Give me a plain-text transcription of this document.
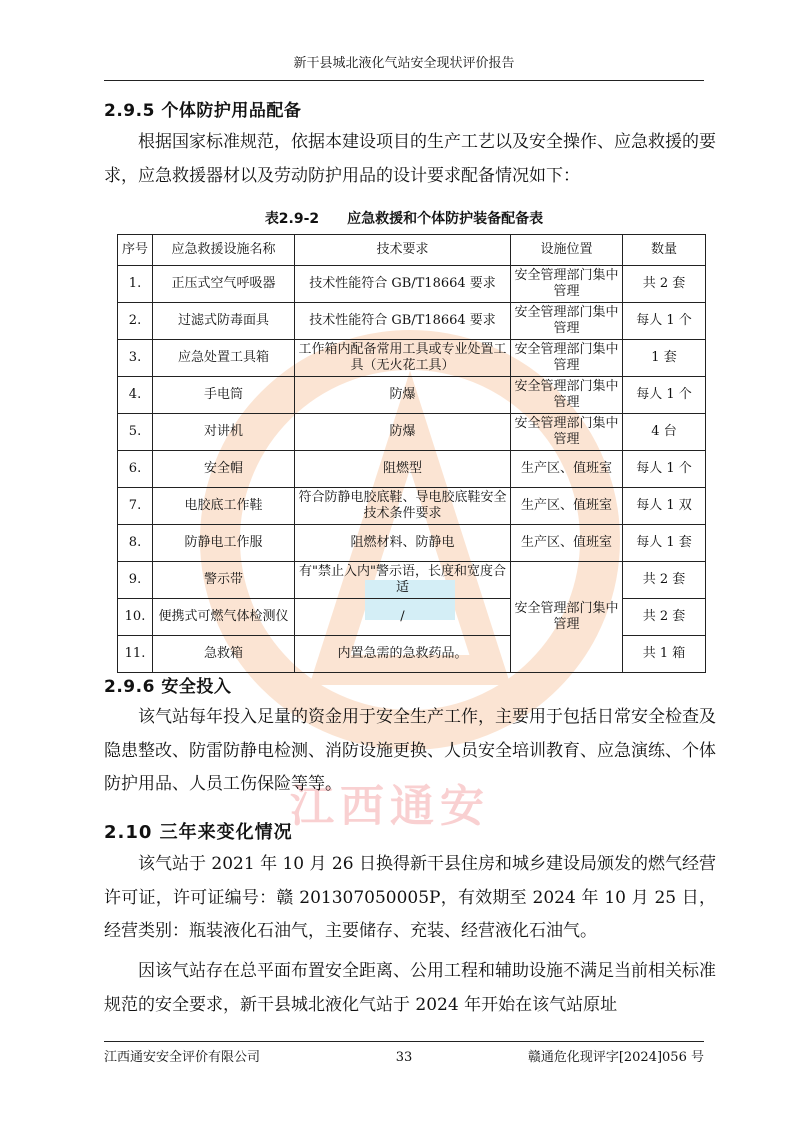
江西通安
新干县城北液化气站安全现状评价报告
2.9.5 个体防护用品配备

根据国家标准规范，依据本建设项目的生产工艺以及安全操作、应急救援的要求，应急救援器材以及劳动防护用品的设计要求配备情况如下：

表2.9-2　　应急救援和个体防护装备配备表
序号	应急救援设施名称	技术要求	设施位置	数量
1.	正压式空气呼吸器	技术性能符合 GB/T18664 要求	安全管理部门集中管理	共 2 套
2.	过滤式防毒面具	技术性能符合 GB/T18664 要求	安全管理部门集中管理	每人 1 个
3.	应急处置工具箱	工作箱内配备常用工具或专业处置工具（无火花工具）	安全管理部门集中管理	1 套
4.	手电筒	防爆	安全管理部门集中管理	每人 1 个
5.	对讲机	防爆	安全管理部门集中管理	4 台
6.	安全帽	阻燃型	生产区、值班室	每人 1 个
7.	电胶底工作鞋	符合防静电胶底鞋、导电胶底鞋安全技术条件要求	生产区、值班室	每人 1 双
8.	防静电工作服	阻燃材料、防静电	生产区、值班室	每人 1 套
9.	警示带	有"禁止入内"警示语，长度和宽度合适	安全管理部门集中管理	共 2 套
10.	便携式可燃气体检测仪	/		共 2 套
11.	急救箱	内置急需的急救药品。		共 1 箱
2.9.6 安全投入

该气站每年投入足量的资金用于安全生产工作，主要用于包括日常安全检查及隐患整改、防雷防静电检测、消防设施更换、人员安全培训教育、应急演练、个体防护用品、人员工伤保险等等。

2.10 三年来变化情况

该气站于 2021 年 10 月 26 日换得新干县住房和城乡建设局颁发的燃气经营许可证，许可证编号：赣 201307050005P，有效期至 2024 年 10 月 25 日，经营类别：瓶装液化石油气，主要储存、充装、经营液化石油气。

因该气站存在总平面布置安全距离、公用工程和辅助设施不满足当前相关标准规范的安全要求，新干县城北液化气站于 2024 年开始在该气站原址

江西通安安全评价有限公司	33	赣通危化现评字[2024]056 号
